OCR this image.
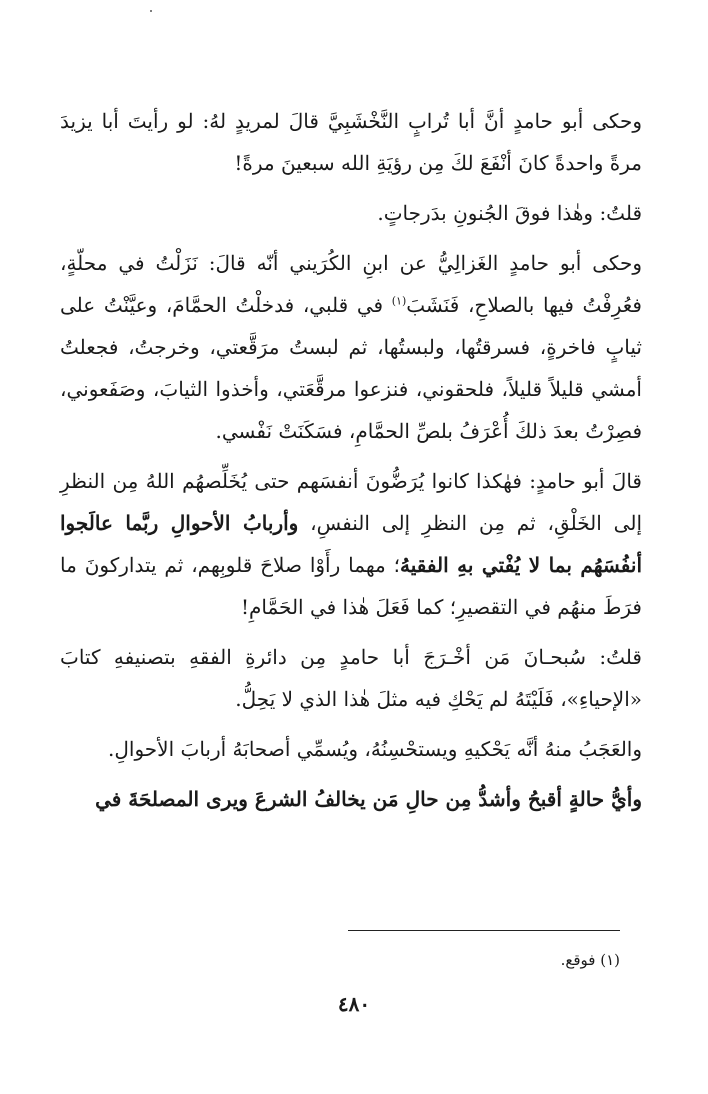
وحكى أبو حامدٍ أنَّ أبا تُرابٍ النَّخْشَبِيَّ قالَ لمريدٍ لهُ: لو رأيتَ أبا يزيدَ مرةً واحدةً كانَ أنْفَعَ لكَ مِن رؤيَةِ الله سبعينَ مرةً!

قلتُ: وهٰذا فوقَ الجُنونِ بدَرجاتٍ.

وحكى أبو حامدٍ الغَزالِيُّ عن ابنِ الكُرَيني أنّه قالَ: نَزَلْتُ في محلّةٍ، فعُرِفْتُ فيها بالصلاحِ، فَنَشَبَ$^{(١)}$ في قلبي، فدخلْتُ الحمَّامَ، وعيَّنْتُ على ثيابٍ فاخرةٍ، فسرقتُها، ولبستُها، ثم لبستُ مرَقَّعتي، وخرجتُ، فجعلتُ أمشي قليلاً قليلاً، فلحقوني، فنزعوا مرقَّعَتي، وأخذوا الثيابَ، وصَفَعوني، فصِرْتُ بعدَ ذلكَ أُعْرَفُ بلصِّ الحمَّامِ، فسَكَنَتْ نَفْسي.

قالَ أبو حامدٍ: فهٰكذا كانوا يُرَضُّونَ أنفسَهم حتى يُخَلِّصهُم اللهُ مِن النظرِ إلى الخَلْقِ، ثم مِن النظرِ إلى النفسِ، وأربابُ الأحوالِ ربَّما عالَجوا أنفُسَهُم بما لا يُفْتي بهِ الفقيهُ؛ مهما رأَوْا صلاحَ قلوبِهم، ثم يتداركونَ ما فرَطَ منهُم في التقصيرِ؛ كما فَعَلَ هٰذا في الحَمَّامِ!

قلتُ: سُبحـانَ مَن أخْـرَجَ أبا حامدٍ مِن دائرةِ الفقهِ بتصنيفهِ كتابَ «الإحياءِ»، فَلَيْتَهُ لم يَحْكِ فيه مثلَ هٰذا الذي لا يَحِلُّ.

والعَجَبُ منهُ أنَّه يَحْكيهِ ويستحْسِنُهُ، ويُسمِّي أصحابَهُ أربابَ الأحوالِ.

وأيُّ حالةٍ أقبحُ وأشدُّ مِن حالِ مَن يخالفُ الشرعَ ويرى المصلحَةَ في

(١) فوقع.
٤٨٠
